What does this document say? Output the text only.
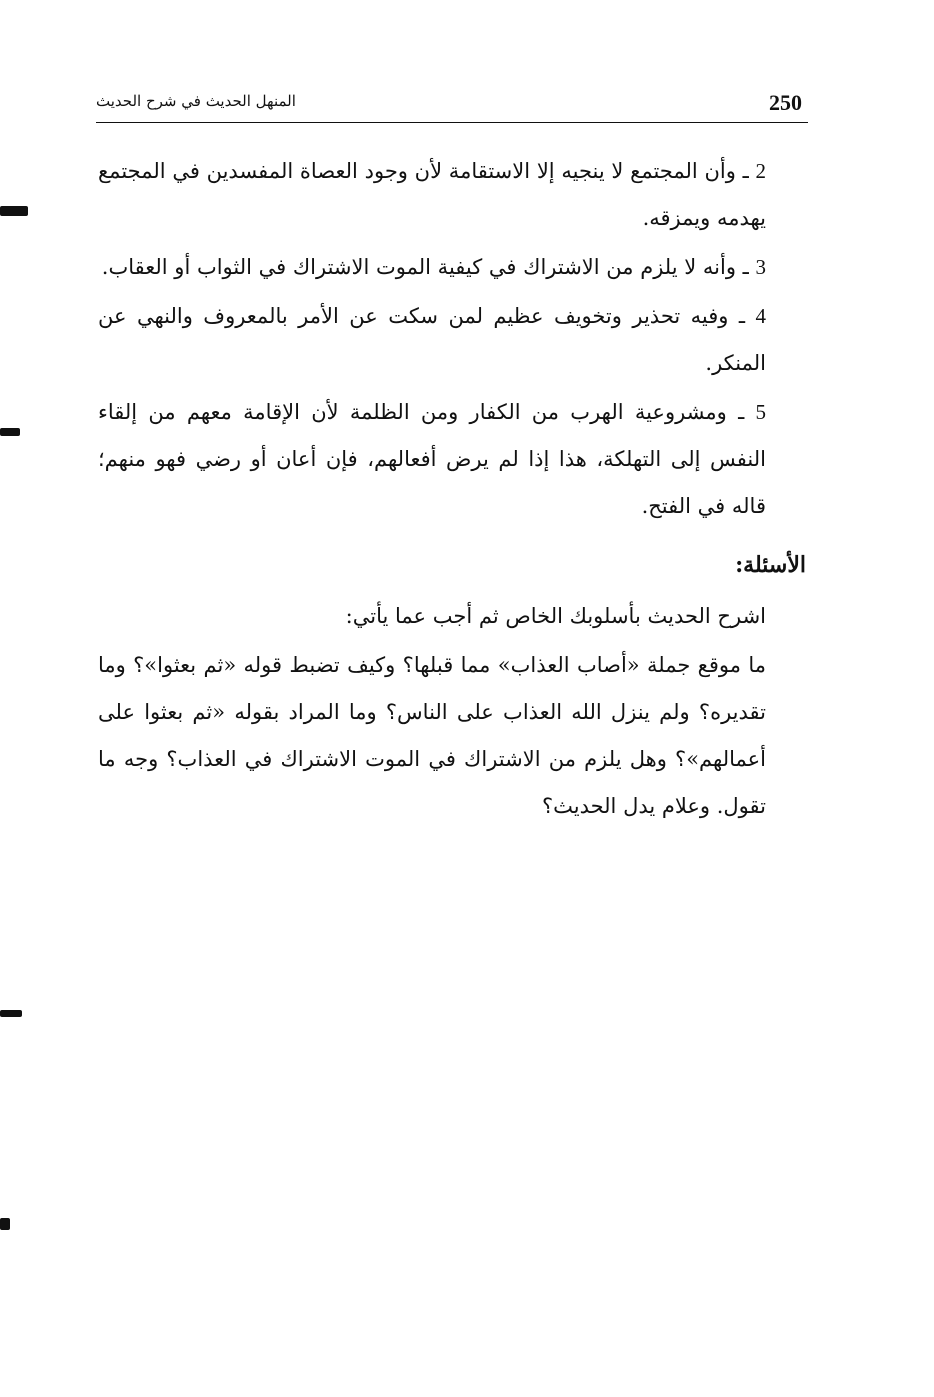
250
المنهل الحديث في شرح الحديث

2 ـ وأن المجتمع لا ينجيه إلا الاستقامة لأن وجود العصاة المفسدين في المجتمع يهدمه ويمزقه.

3 ـ وأنه لا يلزم من الاشتراك في كيفية الموت الاشتراك في الثواب أو العقاب.

4 ـ وفيه تحذير وتخويف عظيم لمن سكت عن الأمر بالمعروف والنهي عن المنكر.

5 ـ ومشروعية الهرب من الكفار ومن الظلمة لأن الإقامة معهم من إلقاء النفس إلى التهلكة، هذا إذا لم يرض أفعالهم، فإن أعان أو رضي فهو منهم؛ قاله في الفتح.

الأسئلة:

اشرح الحديث بأسلوبك الخاص ثم أجب عما يأتي:

ما موقع جملة «أصاب العذاب» مما قبلها؟ وكيف تضبط قوله «ثم بعثوا»؟ وما تقديره؟ ولم ينزل الله العذاب على الناس؟ وما المراد بقوله «ثم بعثوا على أعمالهم»؟ وهل يلزم من الاشتراك في الموت الاشتراك في العذاب؟ وجه ما تقول. وعلام يدل الحديث؟
